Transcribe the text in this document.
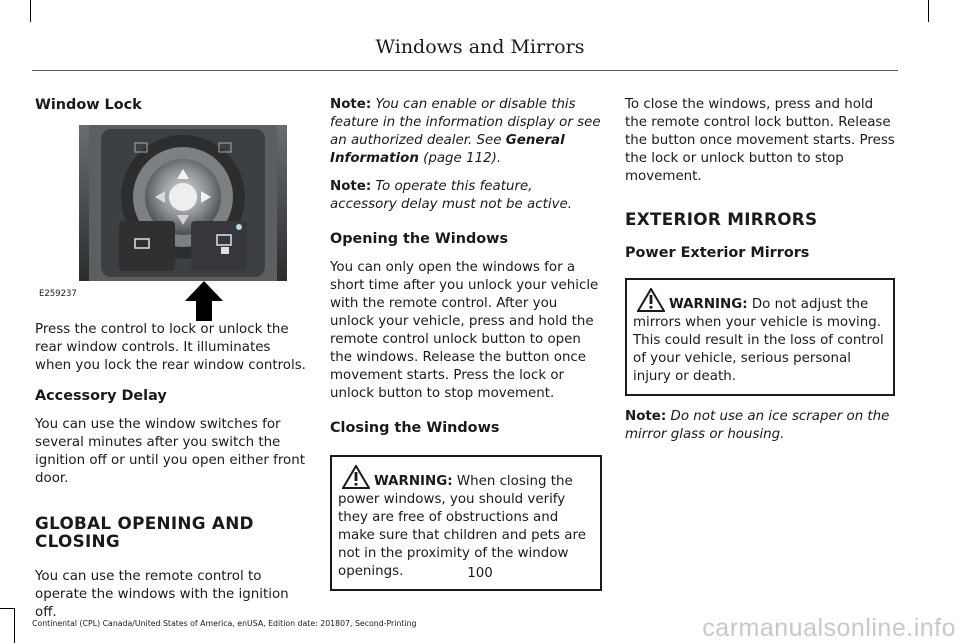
Windows and Mirrors
Window Lock
E259237

Press the control to lock or unlock the rear window controls. It illuminates when you lock the rear window controls.

Accessory Delay

You can use the window switches for several minutes after you switch the ignition off or until you open either front door.

GLOBAL OPENING AND CLOSING

You can use the remote control to operate the windows with the ignition off.

Note: You can enable or disable this feature in the information display or see an authorized dealer. See General Information (page 112).

Note: To operate this feature, accessory delay must not be active.

Opening the Windows

You can only open the windows for a short time after you unlock your vehicle with the remote control. After you unlock your vehicle, press and hold the remote control unlock button to open the windows. Release the button once movement starts. Press the lock or unlock button to stop movement.

Closing the Windows
WARNING: When closing the power windows, you should verify they are free of obstructions and make sure that children and pets are not in the proximity of the window openings.

To close the windows, press and hold the remote control lock button. Release the button once movement starts. Press the lock or unlock button to stop movement.

EXTERIOR MIRRORS
Power Exterior Mirrors
WARNING: Do not adjust the mirrors when your vehicle is moving. This could result in the loss of control of your vehicle, serious personal injury or death.

Note: Do not use an ice scraper on the mirror glass or housing.

100
Continental (CPL) Canada/United States of America, enUSA, Edition date: 201807, Second-Printing	carmanualsonline.info
